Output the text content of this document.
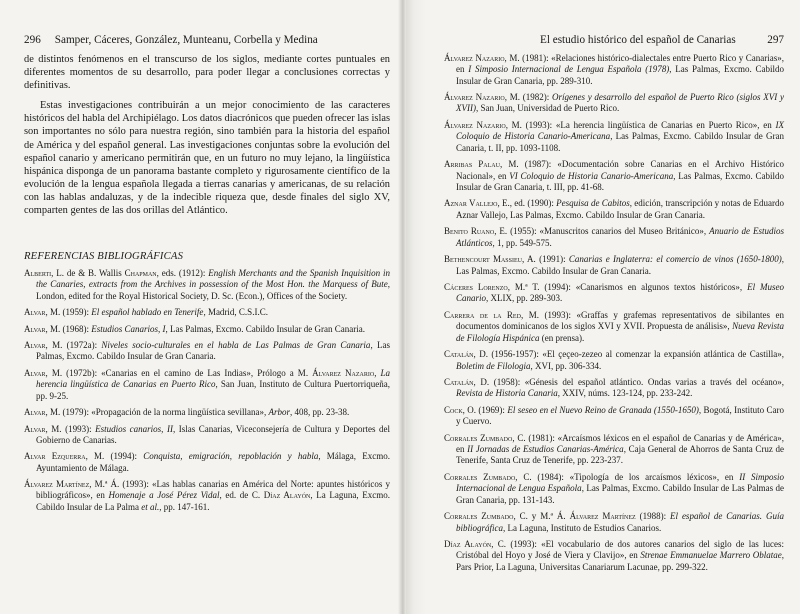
296 Samper, Cáceres, González, Munteanu, Corbella y Medina

de distintos fenómenos en el transcurso de los siglos, mediante cortes puntuales en diferentes momentos de su desarrollo, para poder llegar a conclusiones correctas y definitivas.

Estas investigaciones contribuirán a un mejor conocimiento de las caracteres históricos del habla del Archipiélago. Los datos diacrónicos que pueden ofrecer las islas son importantes no sólo para nuestra región, sino también para la historia del español de América y del español general. Las investigaciones conjuntas sobre la evolución del español canario y americano permitirán que, en un futuro no muy lejano, la lingüística hispánica disponga de un panorama bastante completo y rigurosamente científico de la evolución de la lengua española llegada a tierras canarias y americanas, de su relación con las hablas andaluzas, y de la indecible riqueza que, desde finales del siglo XV, comparten gentes de las dos orillas del Atlántico.

REFERENCIAS BIBLIOGRÁFICAS

Alberti, L. de & B. Wallis Chapman, eds. (1912): English Merchants and the Spanish Inquisition in the Canaries, extracts from the Archives in possession of the Most Hon. the Marquess of Bute, London, edited for the Royal Historical Society, D. Sc. (Econ.), Offices of the Society.

Alvar, M. (1959): El español hablado en Tenerife, Madrid, C.S.I.C.

Alvar, M. (1968): Estudios Canarios, I, Las Palmas, Excmo. Cabildo Insular de Gran Canaria.

Alvar, M. (1972a): Niveles socio-culturales en el habla de Las Palmas de Gran Canaria, Las Palmas, Excmo. Cabildo Insular de Gran Canaria.

Alvar, M. (1972b): «Canarias en el camino de Las Indias», Prólogo a M. Álvarez Nazario, La herencia lingüística de Canarias en Puerto Rico, San Juan, Instituto de Cultura Puertorriqueña, pp. 9-25.

Alvar, M. (1979): «Propagación de la norma lingüística sevillana», Arbor, 408, pp. 23-38.

Alvar, M. (1993): Estudios canarios, II, Islas Canarias, Viceconsejería de Cultura y Deportes del Gobierno de Canarias.

Alvar Ezquerra, M. (1994): Conquista, emigración, repoblación y habla, Málaga, Excmo. Ayuntamiento de Málaga.

Álvarez Martínez, M.ª Á. (1993): «Las hablas canarias en América del Norte: apuntes históricos y bibliográficos», en Homenaje a José Pérez Vidal, ed. de C. Díaz Alayón, La Laguna, Excmo. Cabildo Insular de La Palma et al., pp. 147-161.

El estudio histórico del español de Canarias	297

Álvarez Nazario, M. (1981): «Relaciones histórico-dialectales entre Puerto Rico y Canarias», en I Simposio Internacional de Lengua Española (1978), Las Palmas, Excmo. Cabildo Insular de Gran Canaria, pp. 289-310.

Álvarez Nazario, M. (1982): Orígenes y desarrollo del español de Puerto Rico (siglos XVI y XVII), San Juan, Universidad de Puerto Rico.

Álvarez Nazario, M. (1993): «La herencia lingüística de Canarias en Puerto Rico», en IX Coloquio de Historia Canario-Americana, Las Palmas, Excmo. Cabildo Insular de Gran Canaria, t. II, pp. 1093-1108.

Arribas Palau, M. (1987): «Documentación sobre Canarias en el Archivo Histórico Nacional», en VI Coloquio de Historia Canario-Americana, Las Palmas, Excmo. Cabildo Insular de Gran Canaria, t. III, pp. 41-68.

Aznar Vallejo, E., ed. (1990): Pesquisa de Cabitos, edición, transcripción y notas de Eduardo Aznar Vallejo, Las Palmas, Excmo. Cabildo Insular de Gran Canaria.

Benito Ruano, E. (1955): «Manuscritos canarios del Museo Británico», Anuario de Estudios Atlánticos, 1, pp. 549-575.

Bethencourt Massieu, A. (1991): Canarias e Inglaterra: el comercio de vinos (1650-1800), Las Palmas, Excmo. Cabildo Insular de Gran Canaria.

Cáceres Lorenzo, M.ª T. (1994): «Canarismos en algunos textos históricos», El Museo Canario, XLIX, pp. 289-303.

Carrera de la Red, M. (1993): «Graffas y grafemas representativos de sibilantes en documentos dominicanos de los siglos XVI y XVII. Propuesta de análisis», Nueva Revista de Filología Hispánica (en prensa).

Catalán, D. (1956-1957): «El çeçeo-zezeo al comenzar la expansión atlántica de Castilla», Boletim de Filologia, XVI, pp. 306-334.

Catalán, D. (1958): «Génesis del español atlántico. Ondas varias a través del océano», Revista de Historia Canaria, XXIV, núms. 123-124, pp. 233-242.

Cock, O. (1969): El seseo en el Nuevo Reino de Granada (1550-1650), Bogotá, Instituto Caro y Cuervo.

Corrales Zumbado, C. (1981): «Arcaísmos léxicos en el español de Canarias y de América», en II Jornadas de Estudios Canarias-América, Caja General de Ahorros de Santa Cruz de Tenerife, Santa Cruz de Tenerife, pp. 223-237.

Corrales Zumbado, C. (1984): «Tipología de los arcaísmos léxicos», en II Simposio Internacional de Lengua Española, Las Palmas, Excmo. Cabildo Insular de Las Palmas de Gran Canaria, pp. 131-143.

Corrales Zumbado, C. y M.ª Á. Álvarez Martínez (1988): El español de Canarias. Guía bibliográfica, La Laguna, Instituto de Estudios Canarios.

Díaz Alayón, C. (1993): «El vocabulario de dos autores canarios del siglo de las luces: Cristóbal del Hoyo y José de Viera y Clavijo», en Strenae Emmanuelae Marrero Oblatae, Pars Prior, La Laguna, Universitas Canariarum Lacunae, pp. 299-322.
